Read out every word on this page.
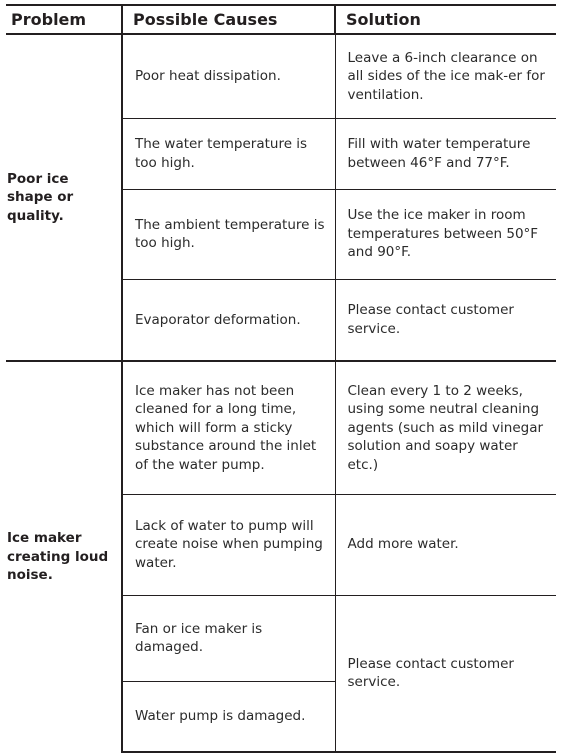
Problem	Possible Causes	Solution
Poor ice shape or quality.	Poor heat dissipation.	Leave a 6-inch clearance on all sides of the ice mak-er for ventilation.
	The water temperature is too high.	Fill with water temperature between 46°F and 77°F.
	The ambient temperature is too high.	Use the ice maker in room temperatures between 50°F and 90°F.
	Evaporator deformation.	Please contact customer service.
Ice maker creating loud noise.	Ice maker has not been cleaned for a long time, which will form a sticky substance around the inlet of the water pump.	Clean every 1 to 2 weeks, using some neutral cleaning agents (such as mild vinegar solution and soapy water etc.)
	Lack of water to pump will create noise when pumping water.	Add more water.
	Fan or ice maker is damaged.	Please contact customer service.
	Water pump is damaged.	
